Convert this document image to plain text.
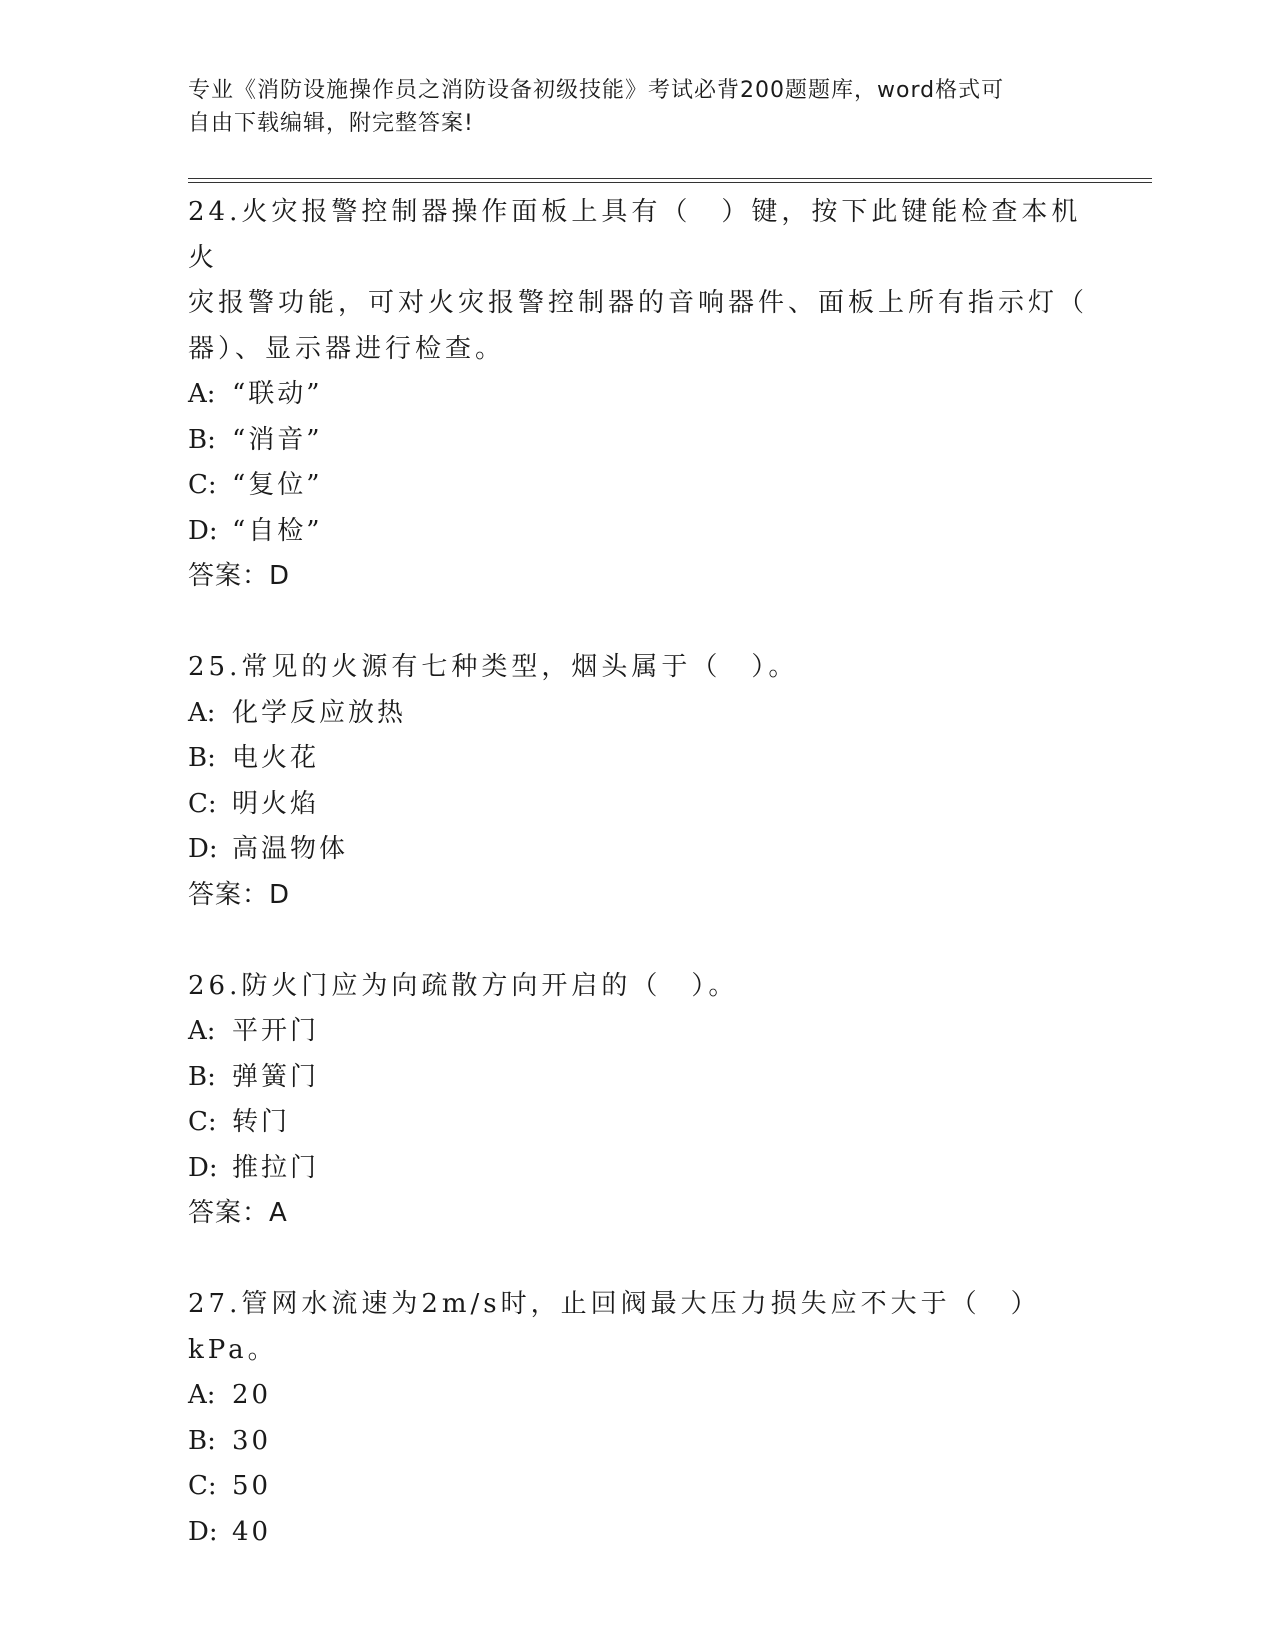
专业《消防设施操作员之消防设备初级技能》考试必背200题题库，word格式可
自由下载编辑，附完整答案!

24.火灾报警控制器操作面板上具有（　）键，按下此键能检查本机火

灾报警功能，可对火灾报警控制器的音响器件、面板上所有指示灯（

器）、显示器进行检查。

A: “联动”

B: “消音”

C: “复位”

D: “自检”

答案：D

25.常见的火源有七种类型，烟头属于（　）。

A: 化学反应放热

B: 电火花

C: 明火焰

D: 高温物体

答案：D

26.防火门应为向疏散方向开启的（　）。

A: 平开门

B: 弹簧门

C: 转门

D: 推拉门

答案：A

27.管网水流速为2m/s时，止回阀最大压力损失应不大于（　）kPa。

A: 20

B: 30

C: 50

D: 40
